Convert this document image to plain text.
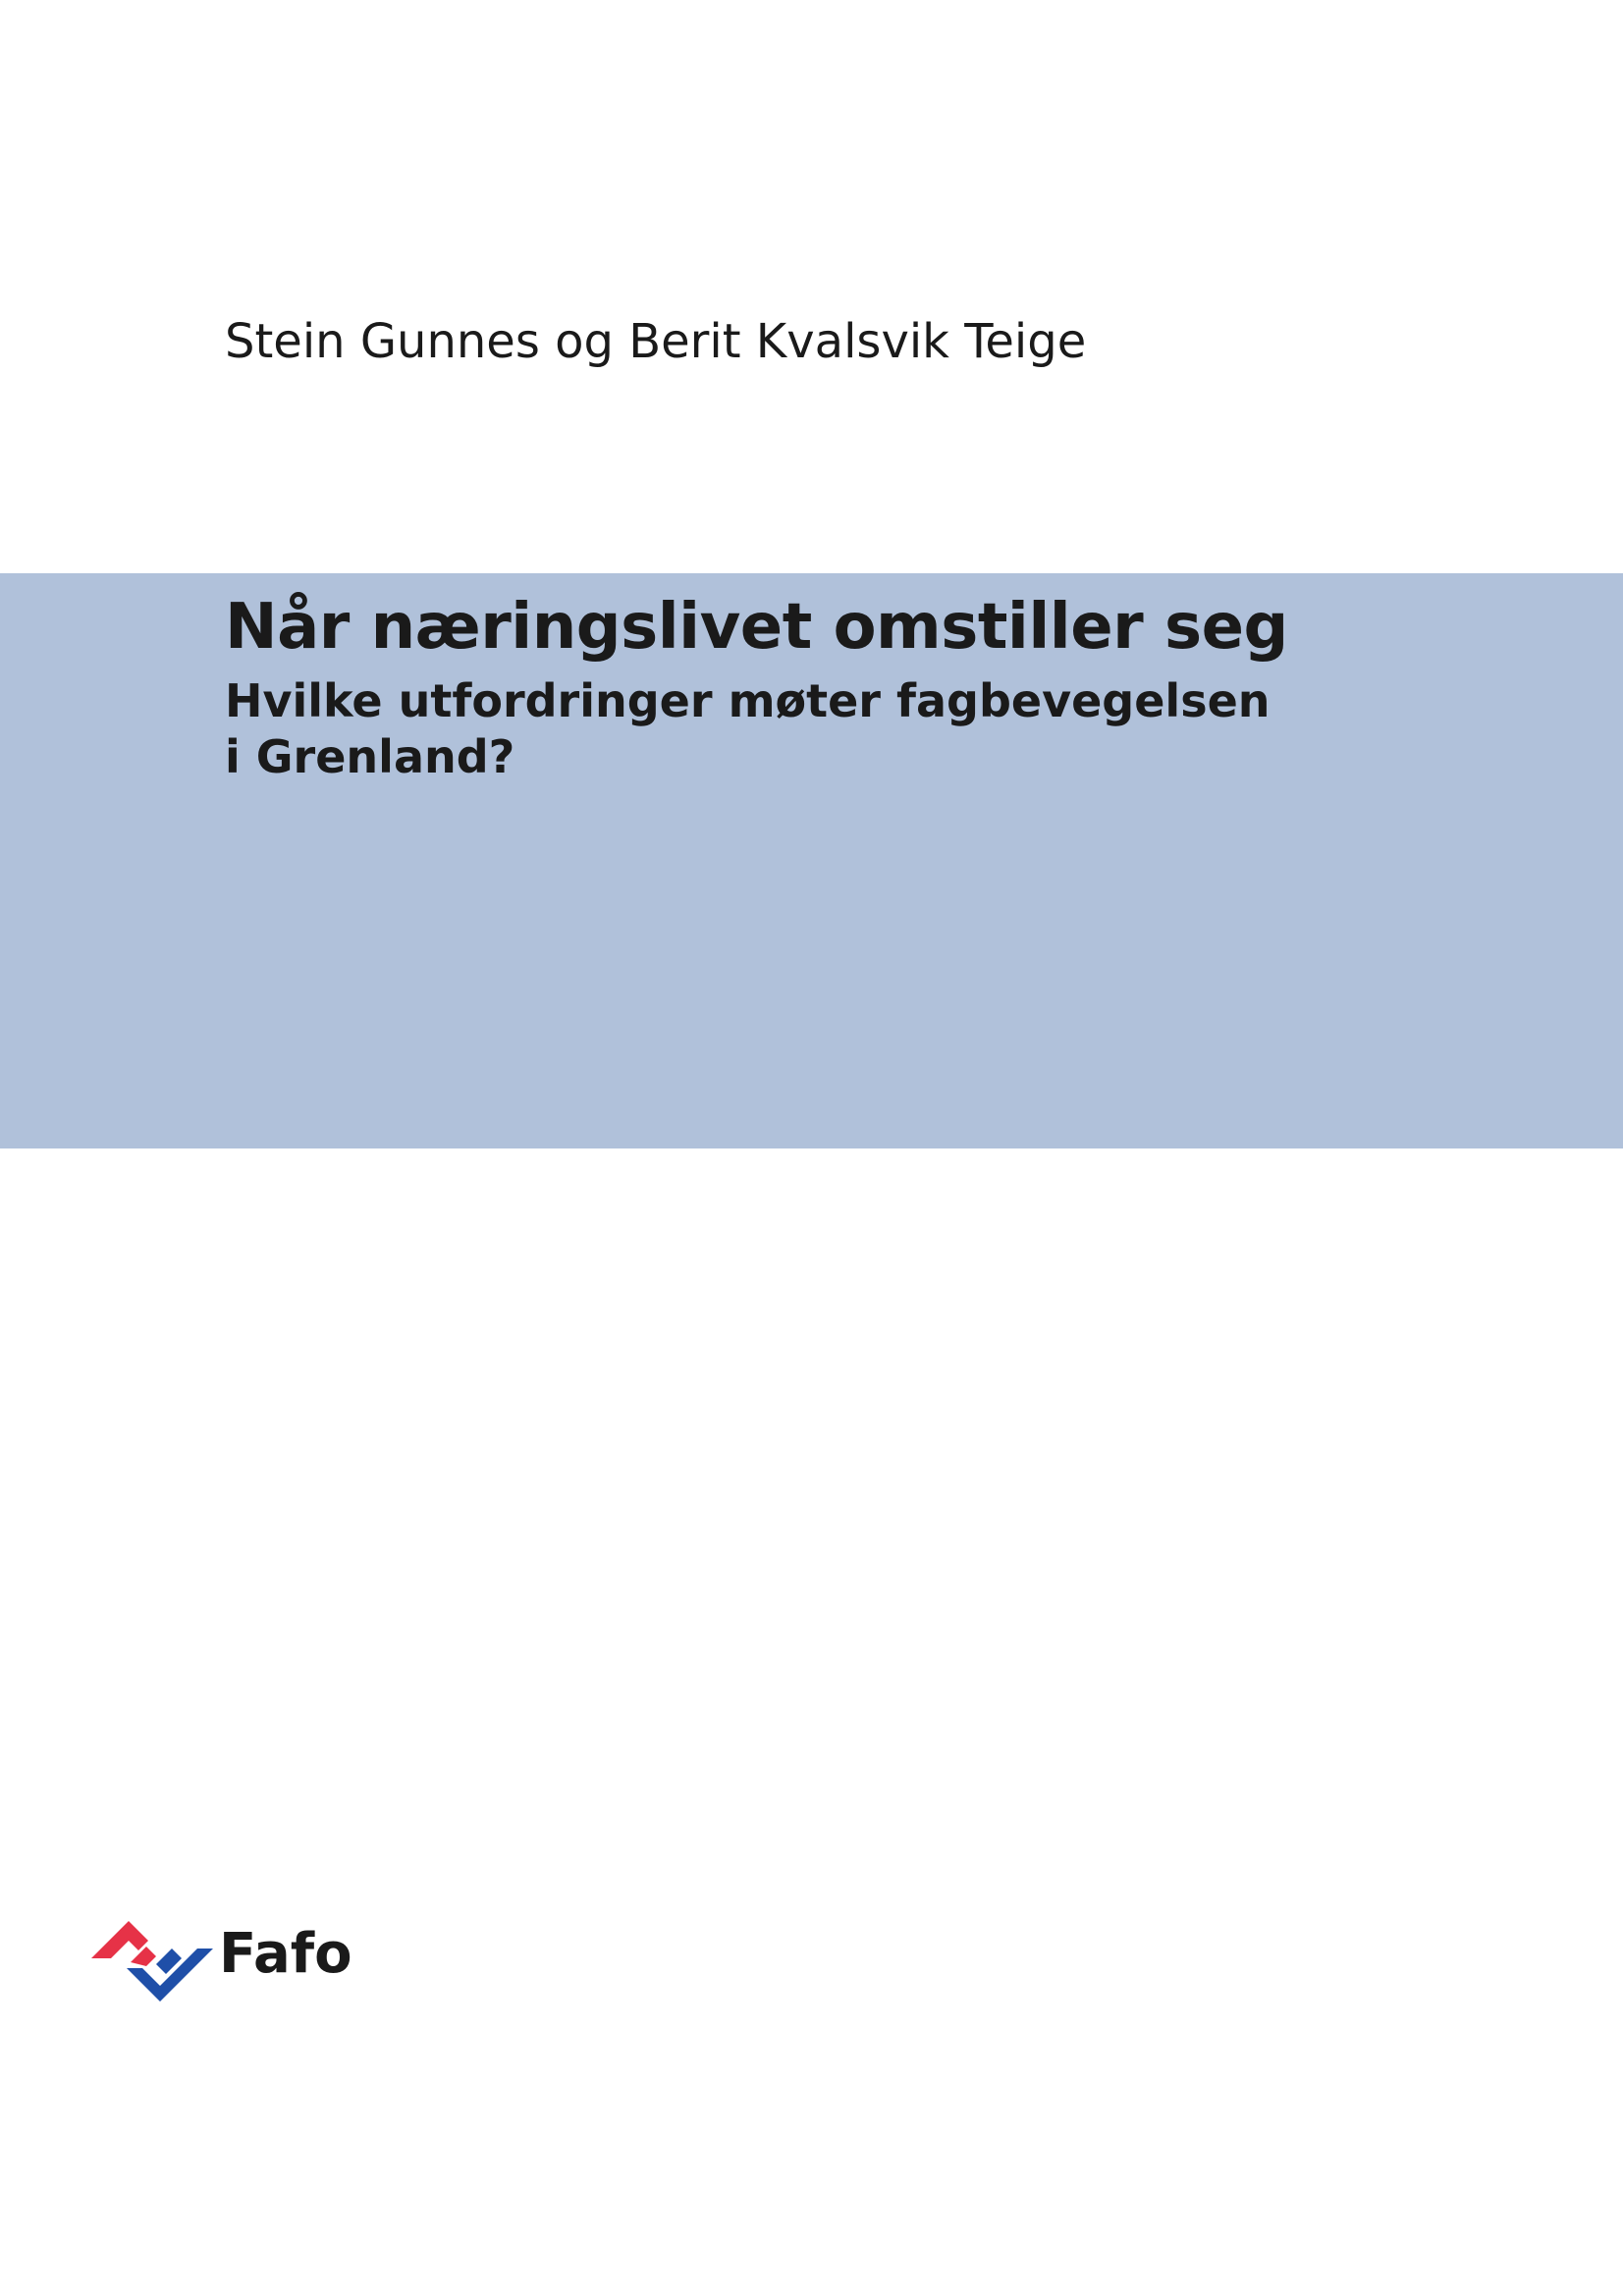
Stein Gunnes og Berit Kvalsvik Teige
Når næringslivet omstiller seg
Hvilke utfordringer møter fagbevegelsen
i Grenland?
Fafo
